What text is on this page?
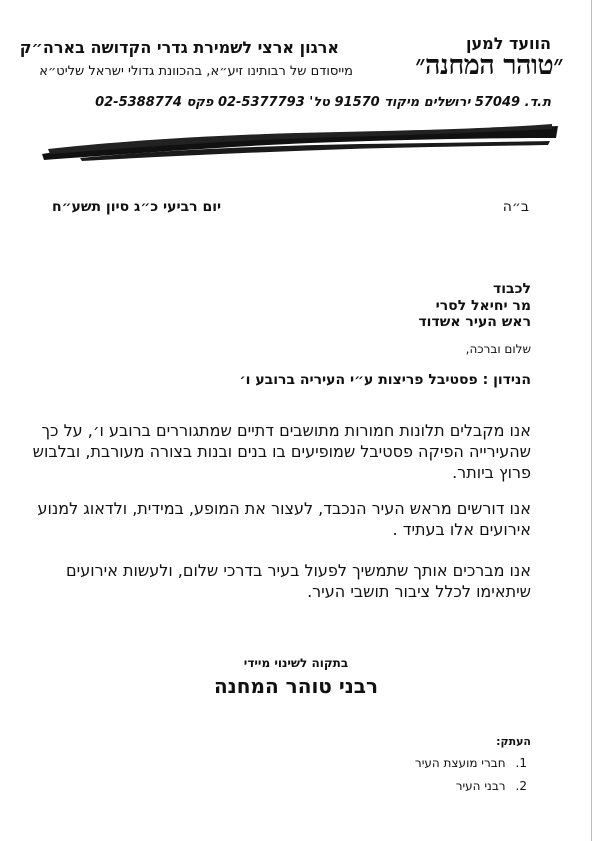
הוועד למען
״טוהר המחנה״
ארגון ארצי לשמירת גדרי הקדושה בארה״ק
מייסודם של רבותינו זיע״א, בהכוונת גדולי ישראל שליט״א
ת.ד. 57049 ירושלים מיקוד 91570 טל' 02-5377793 פקס 02-5388774
ב״ה
יום רביעי כ״ג סיון תשע״ח
לכבוד
מר יחיאל לסרי
ראש העיר אשדוד
שלום וברכה,
הנידון : פסטיבל פריצות ע״י העיריה ברובע ו׳
אנו מקבלים תלונות חמורות מתושבים דתיים שמתגוררים ברובע ו׳, על כך שהעירייה הפיקה פסטיבל שמופיעים בו בנים ובנות בצורה מעורבת, ובלבוש פרוץ ביותר.
אנו דורשים מראש העיר הנכבד, לעצור את המופע, במידית, ולדאוג למנוע אירועים אלו בעתיד .
אנו מברכים אותך שתמשיך לפעול בעיר בדרכי שלום, ולעשות אירועים שיתאימו לכלל ציבור תושבי העיר.
בתקוה לשינוי מיידי
רבני טוהר המחנה
העתק:
1.חברי מועצת העיר
2.רבני העיר
